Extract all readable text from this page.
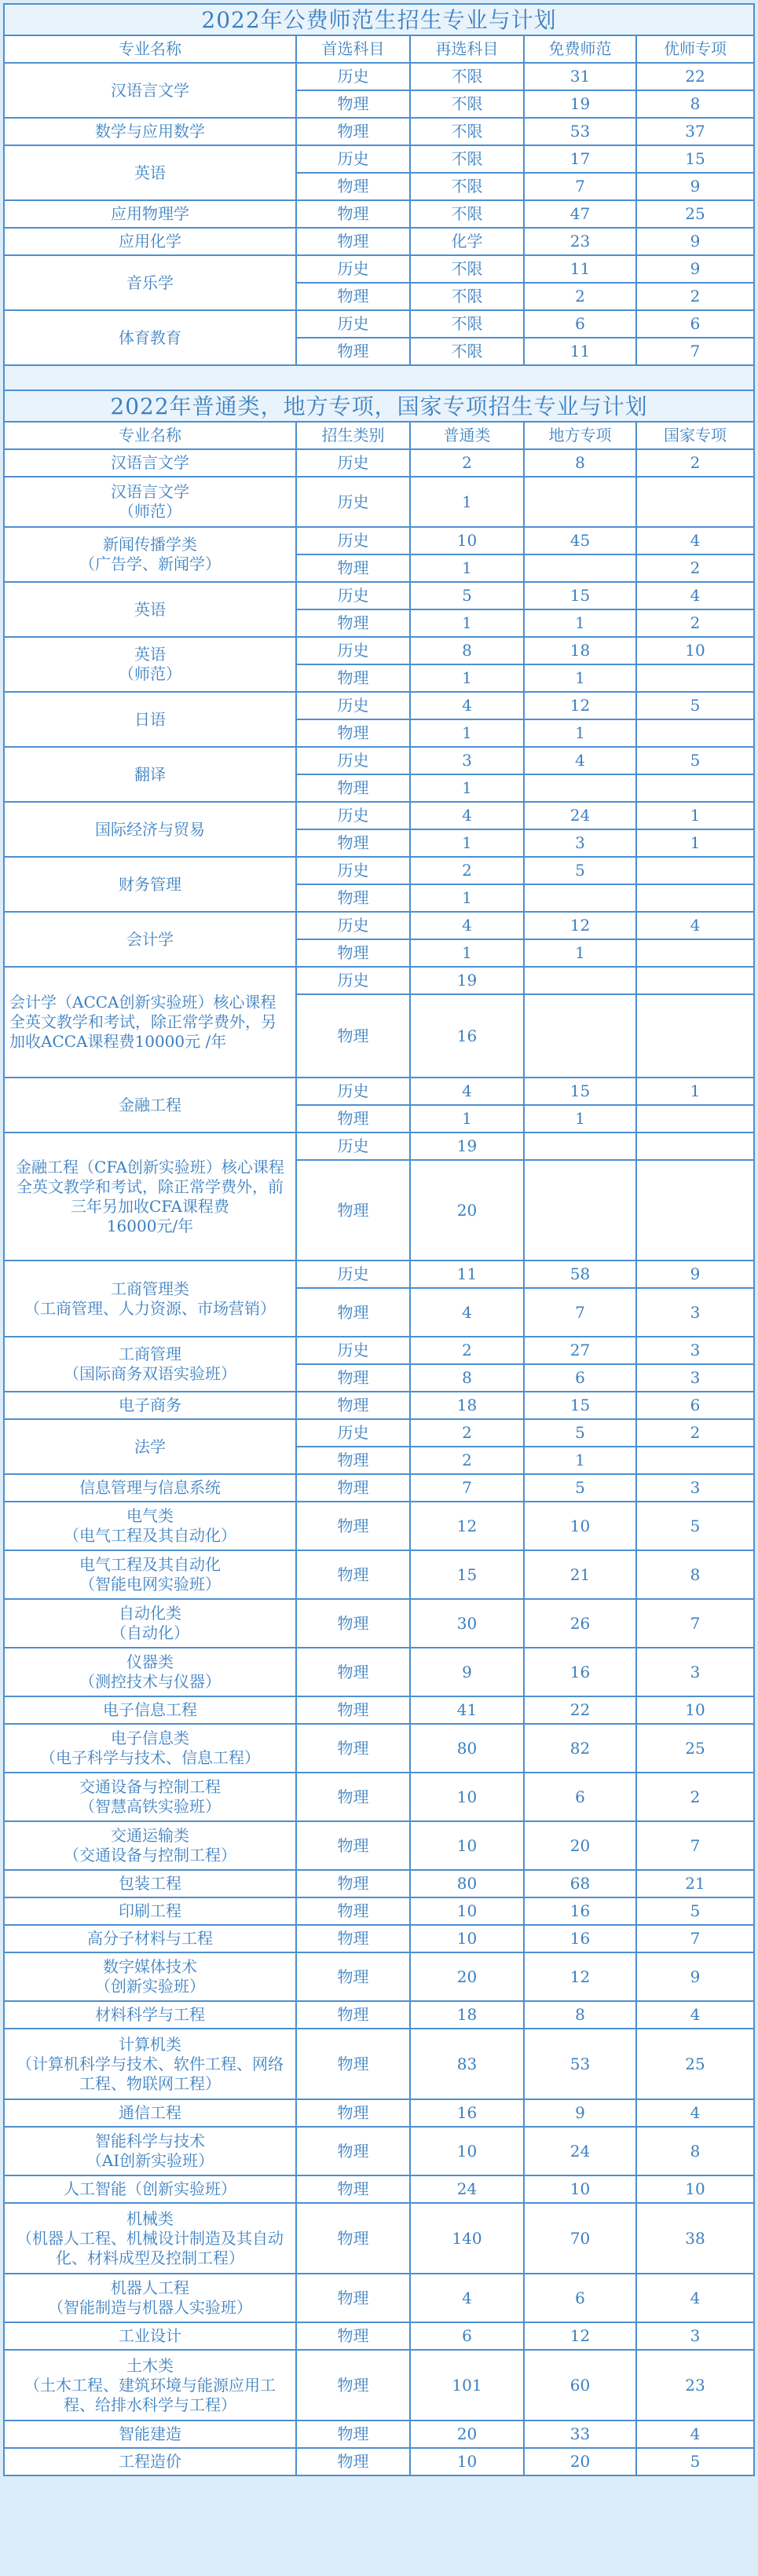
2022年公费师范生招生专业与计划				
专业名称	首选科目	再选科目	免费师范	优师专项
汉语言文学	历史	不限	31	22
	物理	不限	19	8
数学与应用数学	物理	不限	53	37
英语	历史	不限	17	15
	物理	不限	7	9
应用物理学	物理	不限	47	25
应用化学	物理	化学	23	9
音乐学	历史	不限	11	9
	物理	不限	2	2
体育教育	历史	不限	6	6
	物理	不限	11	7

2022年普通类，地方专项，国家专项招生专业与计划				
专业名称	招生类别	普通类	地方专项	国家专项
汉语言文学	历史	2	8	2
汉语言文学
（师范）	历史	1		
新闻传播学类
（广告学、新闻学）	历史	10	45	4
	物理	1		2
英语	历史	5	15	4
	物理	1	1	2
英语
（师范）	历史	8	18	10
	物理	1	1	
日语	历史	4	12	5
	物理	1	1	
翻译	历史	3	4	5
	物理	1		
国际经济与贸易	历史	4	24	1
	物理	1	3	1
财务管理	历史	2	5	
	物理	1		
会计学	历史	4	12	4
	物理	1	1	
会计学（ACCA创新实验班）核心课程全英文教学和考试，除正常学费外，另加收ACCA课程费10000元 /年	历史	19		
	物理	16		
金融工程	历史	4	15	1
	物理	1	1	
金融工程（CFA创新实验班）核心课程全英文教学和考试，除正常学费外，前三年另加收CFA课程费
16000元/年	历史	19		
	物理	20		
工商管理类
（工商管理、人力资源、市场营销）	历史	11	58	9
	物理	4	7	3
工商管理
（国际商务双语实验班）	历史	2	27	3
	物理	8	6	3
电子商务	物理	18	15	6
法学	历史	2	5	2
	物理	2	1	
信息管理与信息系统	物理	7	5	3
电气类
（电气工程及其自动化）	物理	12	10	5
电气工程及其自动化
（智能电网实验班）	物理	15	21	8
自动化类
（自动化）	物理	30	26	7
仪器类
（测控技术与仪器）	物理	9	16	3
电子信息工程	物理	41	22	10
电子信息类
（电子科学与技术、信息工程）	物理	80	82	25
交通设备与控制工程
（智慧高铁实验班）	物理	10	6	2
交通运输类
（交通设备与控制工程）	物理	10	20	7
包装工程	物理	80	68	21
印刷工程	物理	10	16	5
高分子材料与工程	物理	10	16	7
数字媒体技术
（创新实验班）	物理	20	12	9
材料科学与工程	物理	18	8	4
计算机类
（计算机科学与技术、软件工程、网络工程、物联网工程）	物理	83	53	25
通信工程	物理	16	9	4
智能科学与技术
（AI创新实验班）	物理	10	24	8
人工智能（创新实验班）	物理	24	10	10
机械类
（机器人工程、机械设计制造及其自动化、材料成型及控制工程）	物理	140	70	38
机器人工程
（智能制造与机器人实验班）	物理	4	6	4
工业设计	物理	6	12	3
土木类
（土木工程、建筑环境与能源应用工程、给排水科学与工程）	物理	101	60	23
智能建造	物理	20	33	4
工程造价	物理	10	20	5
